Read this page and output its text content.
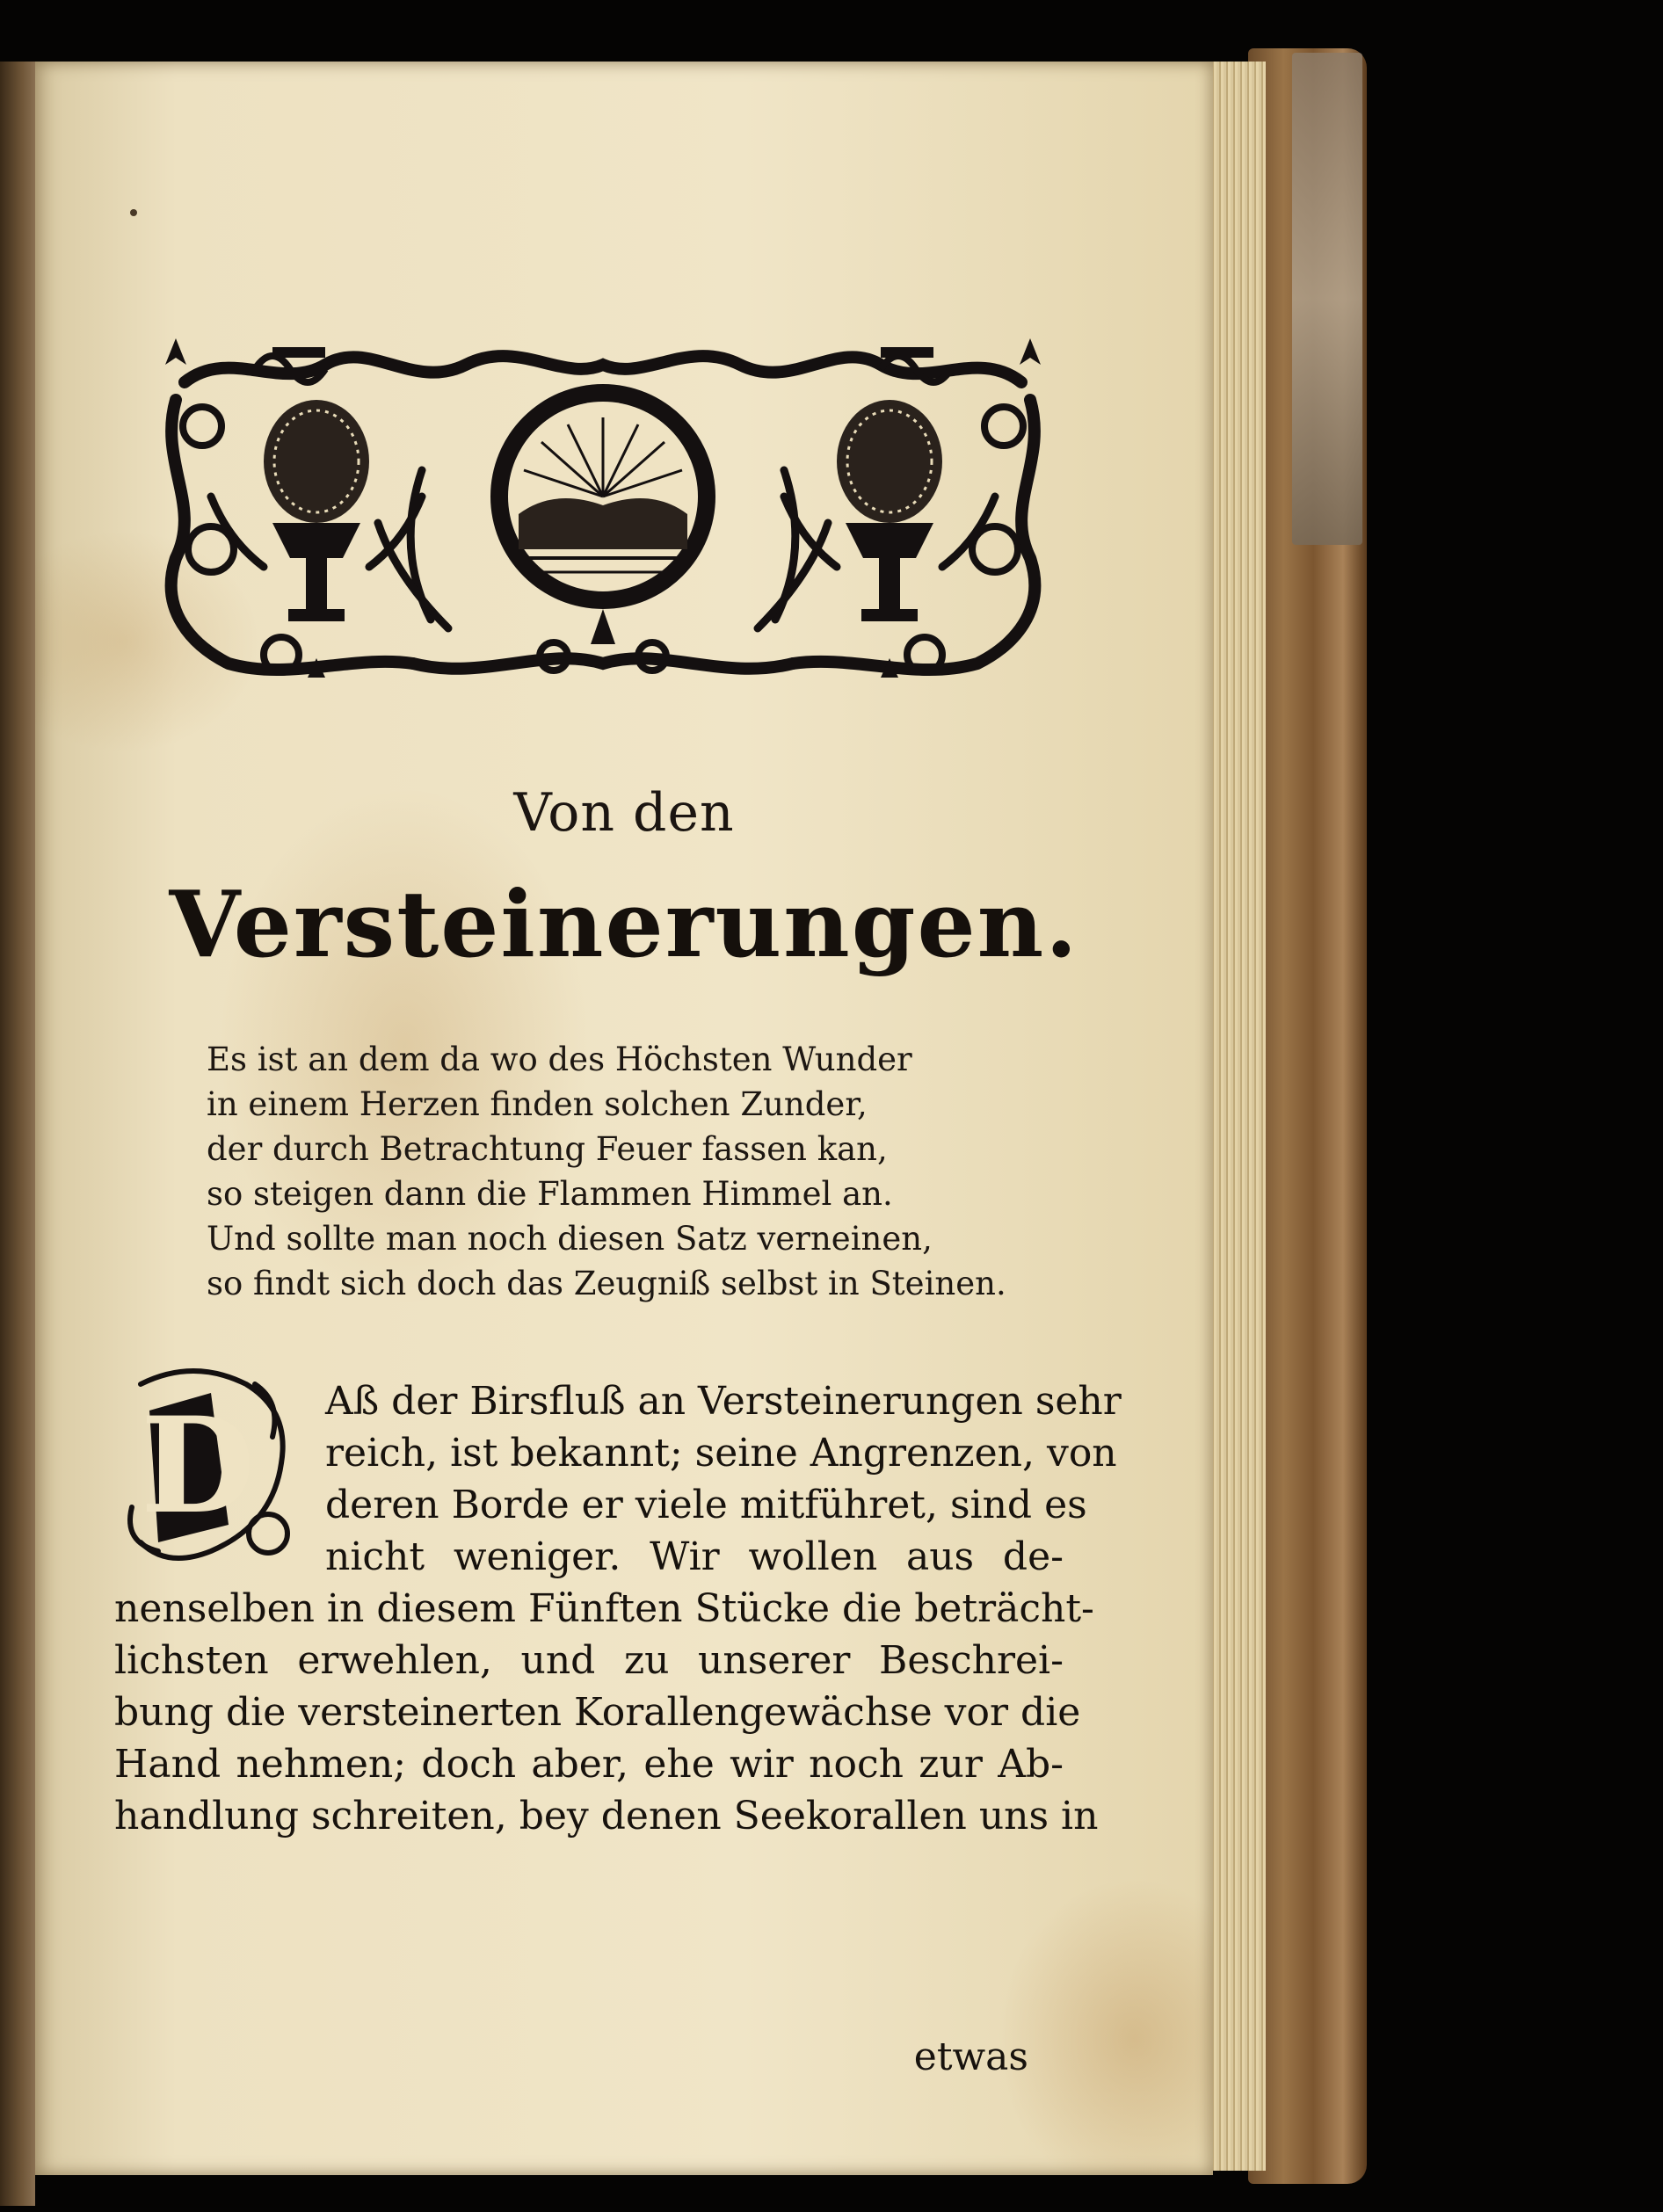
Von den
Versteinerungen.
Es ist an dem da wo des Höchsten Wunder
in einem Herzen finden solchen Zunder,
der durch Betrachtung Feuer fassen kan,
so steigen dann die Flammen Himmel an.
Und sollte man noch diesen Satz verneinen,
so findt sich doch das Zeugniß selbst in Steinen.
D	Aß der Birsfluß an Versteinerungen sehr
reich, ist bekannt; seine Angrenzen, von
deren Borde er viele mitführet, sind es
nicht weniger. Wir wollen aus de-
nenselben in diesem Fünften Stücke die beträcht-
lichsten erwehlen, und zu unserer Beschrei-
bung die versteinerten Korallengewächse vor die
Hand nehmen; doch aber, ehe wir noch zur Ab-
handlung schreiten, bey denen Seekorallen uns in
etwas
